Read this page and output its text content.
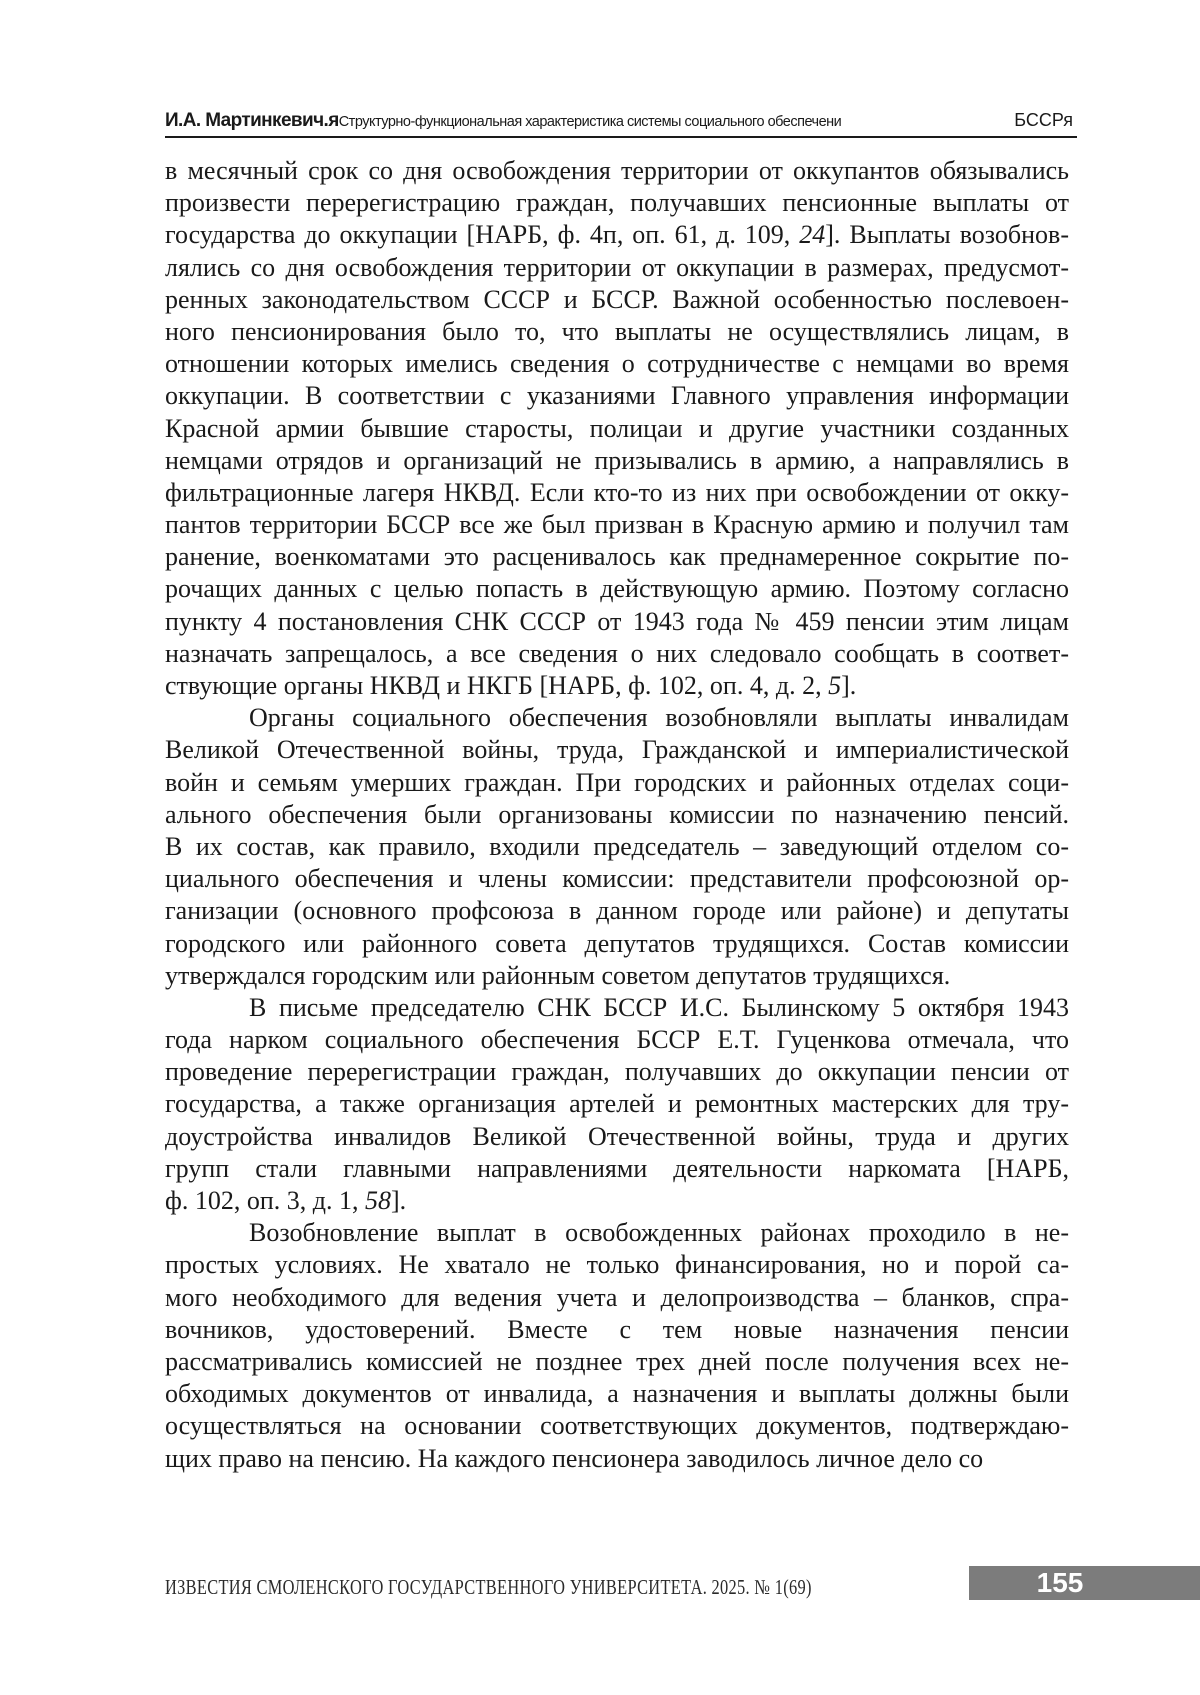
И.А. Мартинкевич.яСтруктурно-функциональная характеристика системы социального обеспечени	БССРя
в месячный срок со дня освобождения территории от оккупантов обязывались
произвести перерегистрацию граждан, получавших пенсионные выплаты от
государства до оккупации [НАРБ, ф. 4п, оп. 61, д. 109, 24]. Выплаты возобнов-
лялись со дня освобождения территории от оккупации в размерах, предусмот-
ренных законодательством СССР и БССР. Важной особенностью послевоен-
ного пенсионирования было то, что выплаты не осуществлялись лицам, в
отношении которых имелись сведения о сотрудничестве с немцами во время
оккупации. В соответствии с указаниями Главного управления информации
Красной армии бывшие старосты, полицаи и другие участники созданных
немцами отрядов и организаций не призывались в армию, а направлялись в
фильтрационные лагеря НКВД. Если кто-то из них при освобождении от окку-
пантов территории БССР все же был призван в Красную армию и получил там
ранение, военкоматами это расценивалось как преднамеренное сокрытие по-
рочащих данных с целью попасть в действующую армию. Поэтому согласно
пункту 4 постановления СНК СССР от 1943 года № 459 пенсии этим лицам
назначать запрещалось, а все сведения о них следовало сообщать в соответ-
ствующие органы НКВД и НКГБ [НАРБ, ф. 102, оп. 4, д. 2, 5].
Органы социального обеспечения возобновляли выплаты инвалидам
Великой Отечественной войны, труда, Гражданской и империалистической
войн и семьям умерших граждан. При городских и районных отделах соци-
ального обеспечения были организованы комиссии по назначению пенсий.
В их состав, как правило, входили председатель – заведующий отделом со-
циального обеспечения и члены комиссии: представители профсоюзной ор-
ганизации (основного профсоюза в данном городе или районе) и депутаты
городского или районного совета депутатов трудящихся. Состав комиссии
утверждался городским или районным советом депутатов трудящихся.
В письме председателю СНК БССР И.С. Былинскому 5 октября 1943
года нарком социального обеспечения БССР Е.Т. Гуценкова отмечала, что
проведение перерегистрации граждан, получавших до оккупации пенсии от
государства, а также организация артелей и ремонтных мастерских для тру-
доустройства инвалидов Великой Отечественной войны, труда и других
групп стали главными направлениями деятельности наркомата [НАРБ,
ф. 102, оп. 3, д. 1, 58].
Возобновление выплат в освобожденных районах проходило в не-
простых условиях. Не хватало не только финансирования, но и порой са-
мого необходимого для ведения учета и делопроизводства – бланков, спра-
вочников, удостоверений. Вместе с тем новые назначения пенсии
рассматривались комиссией не позднее трех дней после получения всех не-
обходимых документов от инвалида, а назначения и выплаты должны были
осуществляться на основании соответствующих документов, подтверждаю-
щих право на пенсию. На каждого пенсионера заводилось личное дело со
ИЗВЕСТИЯ СМОЛЕНСКОГО ГОСУДАРСТВЕННОГО УНИВЕРСИТЕТА. 2025. № 1(69)	155
